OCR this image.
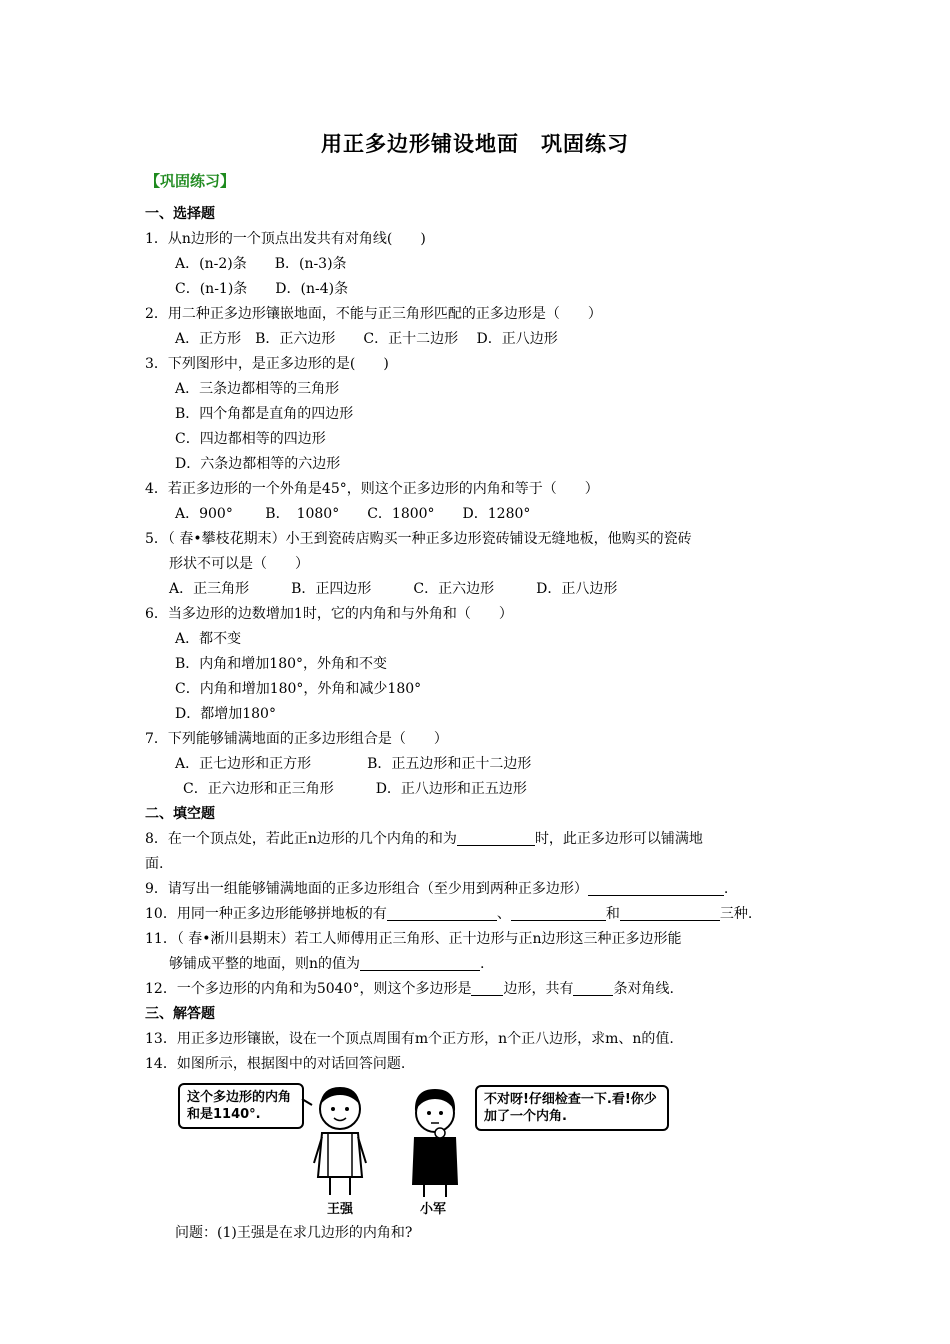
用正多边形铺设地面　巩固练习
【巩固练习】
一、选择题
1．从n边形的一个顶点出发共有对角线(　　)
A．(n-2)条　　B．(n-3)条
C．(n-1)条　　D．(n-4)条
2．用二种正多边形镶嵌地面，不能与正三角形匹配的正多边形是（　　）
A．正方形　B．正六边形　　C．正十二边形　 D．正八边形
3．下列图形中，是正多边形的是(　　)
A．三条边都相等的三角形
B．四个角都是直角的四边形
C．四边都相等的四边形
D．六条边都相等的六边形
4．若正多边形的一个外角是45°，则这个正多边形的内角和等于（　　）
A．900°　　 B．　1080°　　C．1800°　　D．1280°
5．（ 春•攀枝花期末）小王到瓷砖店购买一种正多边形瓷砖铺设无缝地板，他购买的瓷砖
形状不可以是（　　）
A．正三角形　　　B．正四边形　　　C．正六边形　　　D．正八边形
6．当多边形的边数增加1时，它的内角和与外角和（　　）
A．都不变
B．内角和增加180°，外角和不变
C．内角和增加180°，外角和减少180°
D．都增加180°
7．下列能够铺满地面的正多边形组合是（　　）
A．正七边形和正方形　　　　B．正五边形和正十二边形
C．正六边形和正三角形　　　D．正八边形和正五边形
二、填空题
8．在一个顶点处，若此正n边形的几个内角的和为	时，此正多边形可以铺满地
面.
9．请写出一组能够铺满地面的正多边形组合（至少用到两种正多边形）	.
10．用同一种正多边形能够拼地板的有	、	和	三种.
11．（ 春•淅川县期末）若工人师傅用正三角形、正十边形与正n边形这三种正多边形能
够铺成平整的地面，则n的值为	.
12．一个多边形的内角和为5040°，则这个多边形是 边形，共有	条对角线.
三、解答题
13．用正多边形镶嵌，设在一个顶点周围有m个正方形，n个正八边形，求m、n的值.
14．如图所示，根据图中的对话回答问题.
这个多边形的内角和是1140°.
不对呀!仔细检查一下.看!你少加了一个内角.
王强	小军
问题：(1)王强是在求几边形的内角和?
